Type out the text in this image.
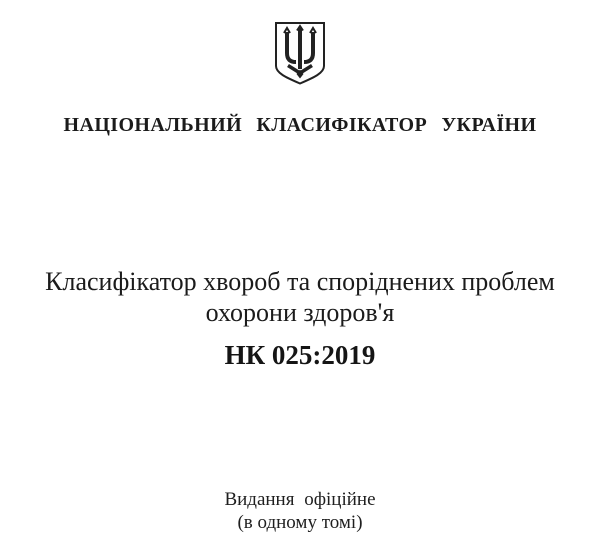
НАЦІОНАЛЬНИЙ КЛАСИФІКАТОР УКРАЇНИ
Класифікатор хвороб та споріднених проблем охорони здоров'я
НК 025:2019
Видання офіційне
(в одному томі)
